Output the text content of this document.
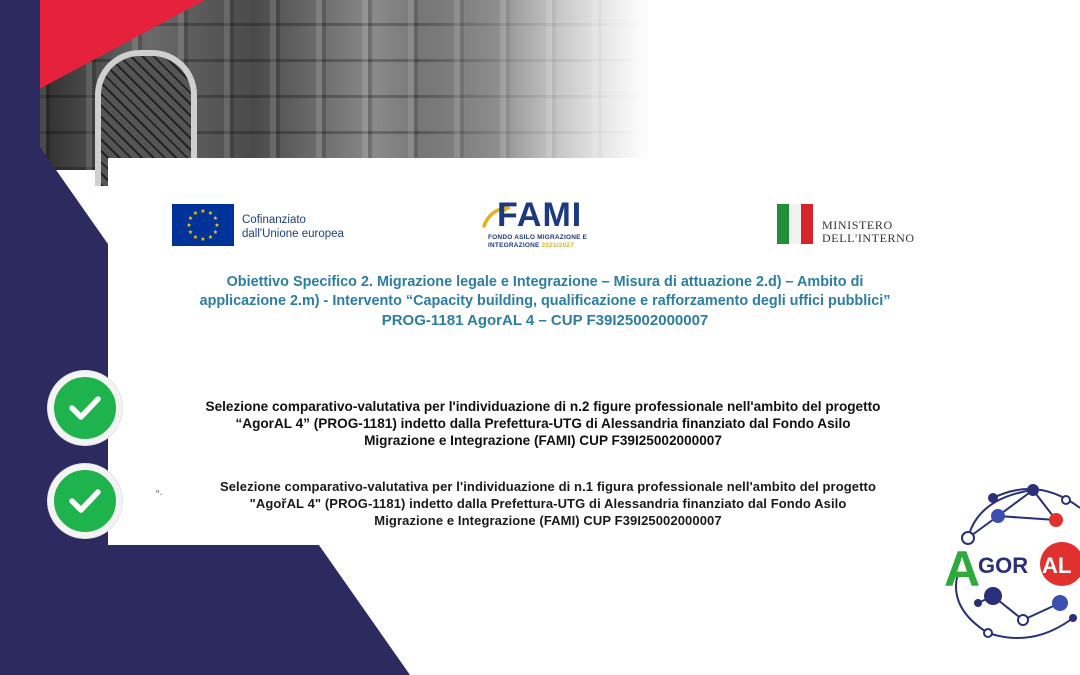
★ ★
★
★
★
★
★
★
★
★
★
★
Cofinanziato
dall'Unione europea	FAMI
FONDO ASILO MIGRAZIONE E
INTEGRAZIONE 2021/2027
MINISTERO
DELL'INTERNO
Obiettivo Specifico 2. Migrazione legale e Integrazione – Misura di attuazione 2.d) – Ambito di
applicazione 2.m) - Intervento “Capacity building, qualificazione e rafforzamento degli uffici pubblici”
PROG-1181 AgorAL 4 – CUP F39I25002000007
Selezione comparativo-valutativa per l'individuazione di n.2 figure professionale nell'ambito del progetto
“AgorAL 4” (PROG-1181) indetto dalla Prefettura-UTG di Alessandria finanziato dal Fondo Asilo
Migrazione e Integrazione (FAMI) CUP F39I25002000007
“·
Selezione comparativo-valutativa per l'individuazione di n.1 figura professionale nell'ambito del progetto
"AgořAL 4" (PROG-1181) indetto dalla Prefettura-UTG di Alessandria finanziato dal Fondo Asilo
Migrazione e Integrazione (FAMI) CUP F39I25002000007
A
GOR AL
